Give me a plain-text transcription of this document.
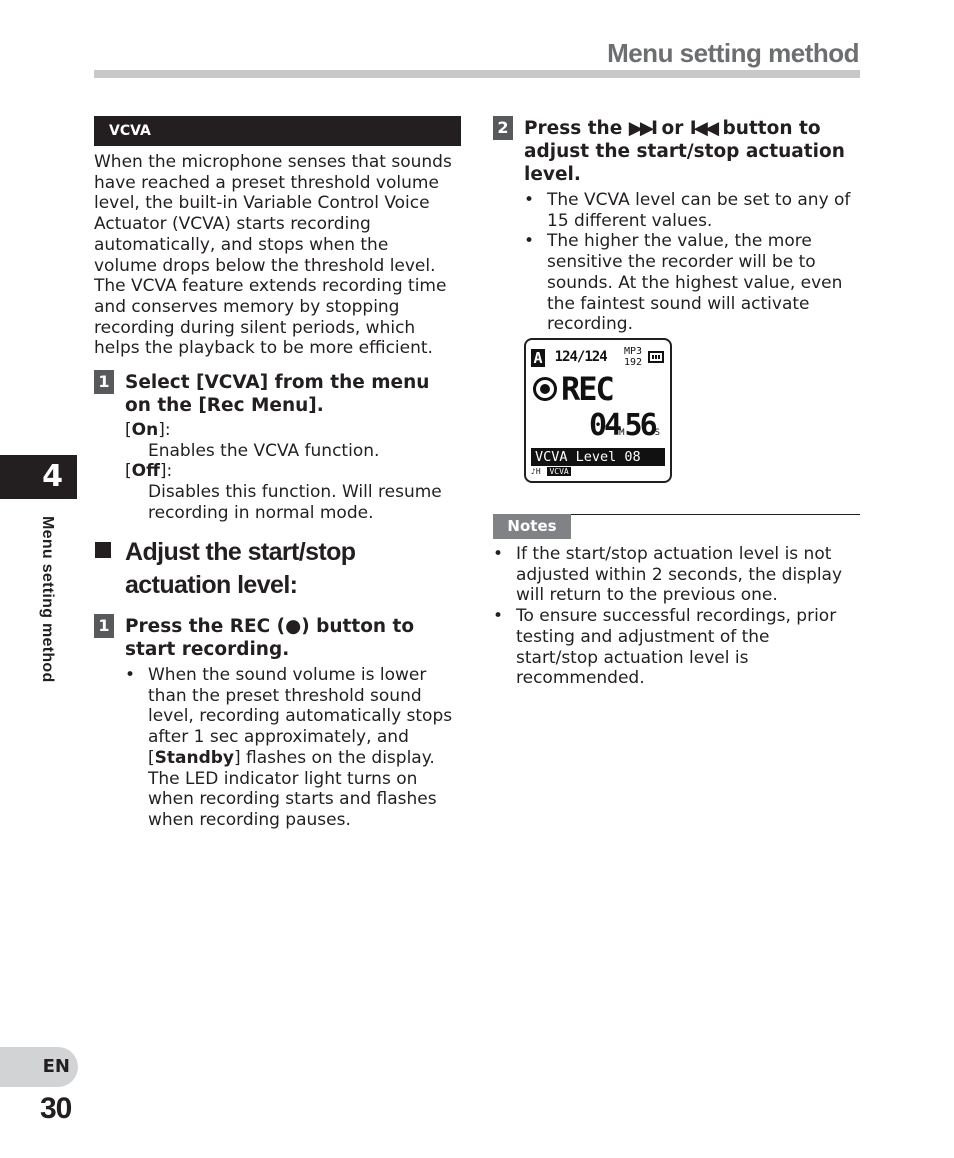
Menu setting method
4
Menu setting method
VCVA
When the microphone senses that sounds have reached a preset threshold volume level, the built-in Variable Control Voice Actuator (VCVA) starts recording automatically, and stops when the volume drops below the threshold level. The VCVA feature extends recording time and conserves memory by stopping recording during silent periods, which helps the playback to be more efficient.
1 Select [VCVA] from the menu on the [Rec Menu].
[On]:
Enables the VCVA function.
[Off]:
Disables this function. Will resume recording in normal mode.
Adjust the start/stop actuation level:
1 Press the REC (●) button to start recording.
• When the sound volume is lower than the preset threshold sound level, recording automatically stops after 1 sec approximately, and [Standby] flashes on the display. The LED indicator light turns on when recording starts and flashes when recording pauses.
2 Press the ▶▶I or I◀◀ button to adjust the start/stop actuation level.
• The VCVA level can be set to any of 15 different values.
• The higher the value, the more sensitive the recorder will be to sounds. At the highest value, even the faintest sound will activate recording.
A 124/124	MP3
192
REC
04M56S
VCVA Level 08
♪H VCVA
Notes
• If the start/stop actuation level is not adjusted within 2 seconds, the display will return to the previous one.
• To ensure successful recordings, prior testing and adjustment of the start/stop actuation level is recommended.
EN
30
